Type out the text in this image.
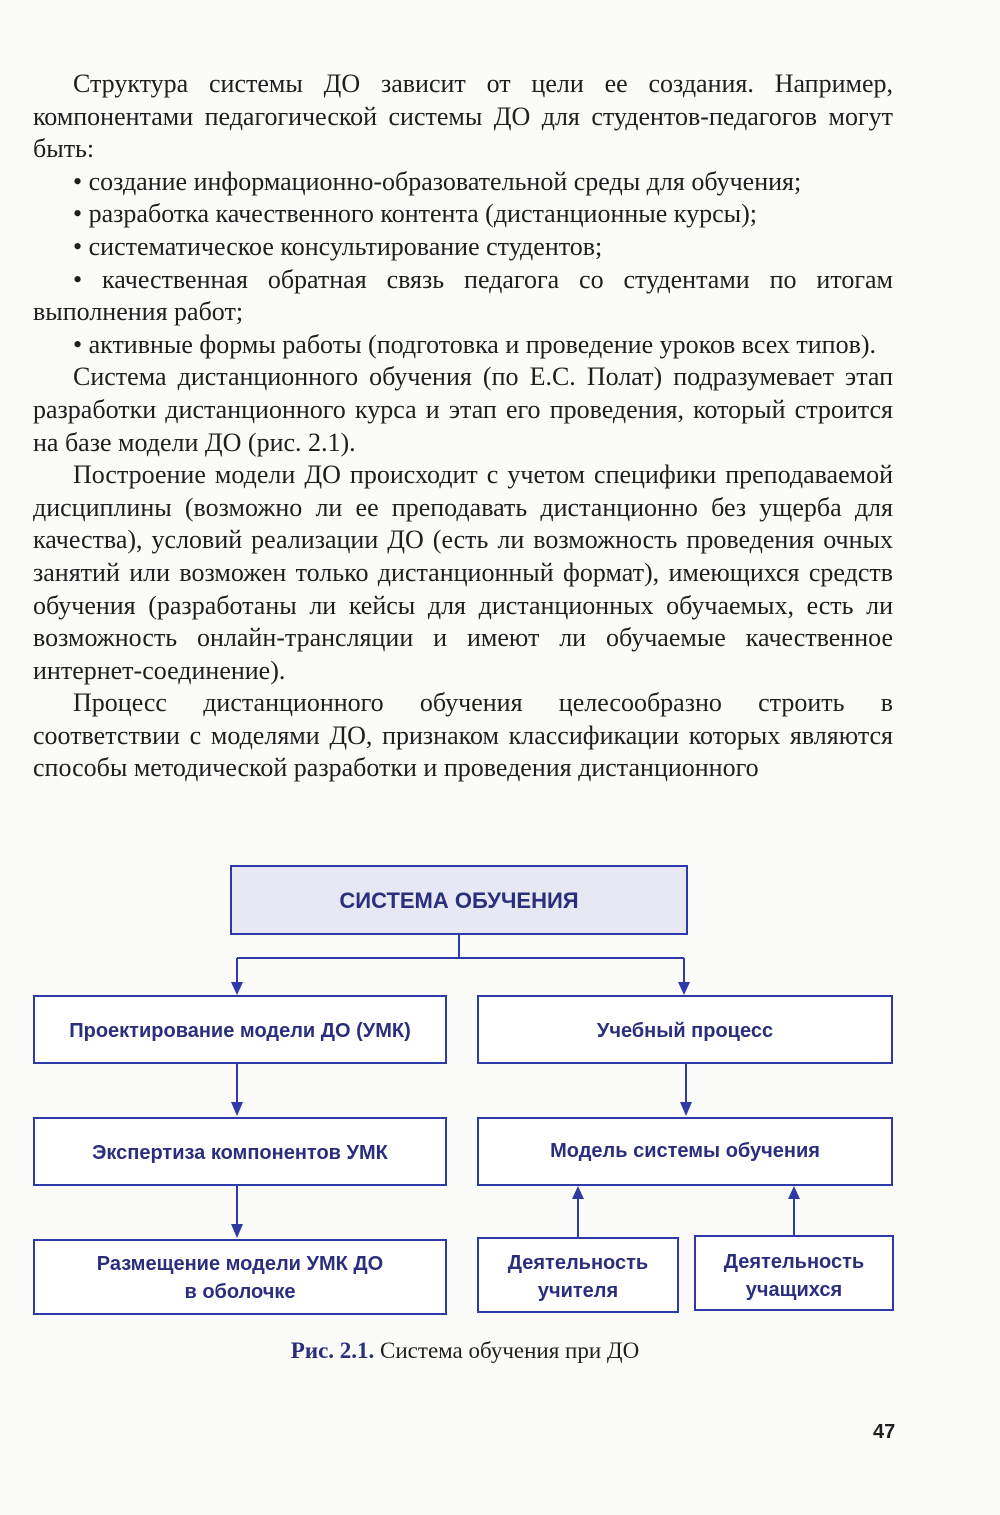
Структура системы ДО зависит от цели ее создания. Например, компонентами педагогической системы ДО для студентов-педагогов могут быть:

• создание информационно-образовательной среды для обучения;

• разработка качественного контента (дистанционные курсы);

• систематическое консультирование студентов;

• качественная обратная связь педагога со студентами по итогам выполнения работ;

• активные формы работы (подготовка и проведение уроков всех типов).

Система дистанционного обучения (по Е.С. Полат) подразумевает этап разработки дистанционного курса и этап его проведения, который строится на базе модели ДО (рис. 2.1).

Построение модели ДО происходит с учетом специфики преподаваемой дисциплины (возможно ли ее преподавать дистанционно без ущерба для качества), условий реализации ДО (есть ли возможность проведения очных занятий или возможен только дистанционный формат), имеющихся средств обучения (разработаны ли кейсы для дистанционных обучаемых, есть ли возможность онлайн-трансляции и имеют ли обучаемые качественное интернет-соединение).

Процесс дистанционного обучения целесообразно строить в соответствии с моделями ДО, признаком классификации которых являются способы методической разработки и проведения дистанционного

СИСТЕМА ОБУЧЕНИЯ
Проектирование модели ДО (УМК)
Экспертиза компонентов УМК
Размещение модели УМК ДО
в оболочке
Учебный процесс
Модель системы обучения
Деятельность
учителя
Деятельность
учащихся
Рис. 2.1. Система обучения при ДО
47
